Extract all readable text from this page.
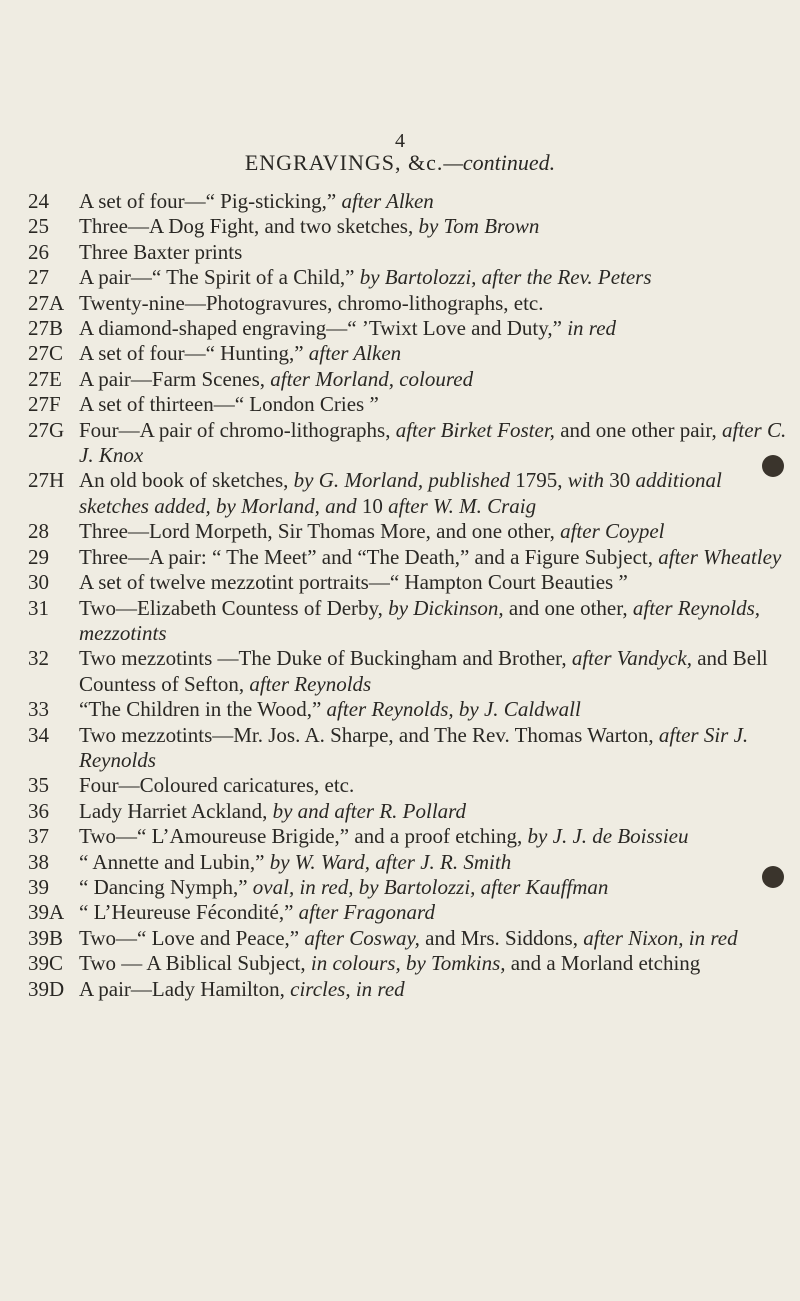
4
ENGRAVINGS, &c.—continued.
24	A set of four—“ Pig-sticking,” after Alken
25	Three—A Dog Fight, and two sketches, by Tom Brown
26	Three Baxter prints
27	A pair—“ The Spirit of a Child,” by Bartolozzi, after the Rev. Peters
27A Twenty-nine—Photogravures, chromo-lithographs, etc.
27B A diamond-shaped engraving—“ ’Twixt Love and Duty,” in red
27C A set of four—“ Hunting,” after Alken
27E A pair—Farm Scenes, after Morland, coloured
27F A set of thirteen—“ London Cries ”
27G Four—A pair of chromo-lithographs, after Birket Foster, and one other pair, after C. J. Knox
27H An old book of sketches, by G. Morland, published 1795, with 30 additional sketches added, by Morland, and 10 after W. M. Craig
28	Three—Lord Morpeth, Sir Thomas More, and one other, after Coypel
29	Three—A pair: “ The Meet” and “The Death,” and a Figure Subject, after Wheatley
30	A set of twelve mezzotint portraits—“ Hampton Court Beauties ”
31	Two—Elizabeth Countess of Derby, by Dickinson, and one other, after Reynolds, mezzotints
32	Two mezzotints —The Duke of Buckingham and Brother, after Vandyck, and Bell Countess of Sefton, after Reynolds
33	“The Children in the Wood,” after Reynolds, by J. Caldwall
34	Two mezzotints—Mr. Jos. A. Sharpe, and The Rev. Thomas Warton, after Sir J. Reynolds
35	Four—Coloured caricatures, etc.
36	Lady Harriet Ackland, by and after R. Pollard
37	Two—“ L’Amoureuse Brigide,” and a proof etching, by J. J. de Boissieu
38	“ Annette and Lubin,” by W. Ward, after J. R. Smith
39	“ Dancing Nymph,” oval, in red, by Bartolozzi, after Kauffman
39A “ L’Heureuse Fécondité,” after Fragonard
39B Two—“ Love and Peace,” after Cosway, and Mrs. Siddons, after Nixon, in red
39C Two — A Biblical Subject, in colours, by Tomkins, and a Morland etching
39D A pair—Lady Hamilton, circles, in red
